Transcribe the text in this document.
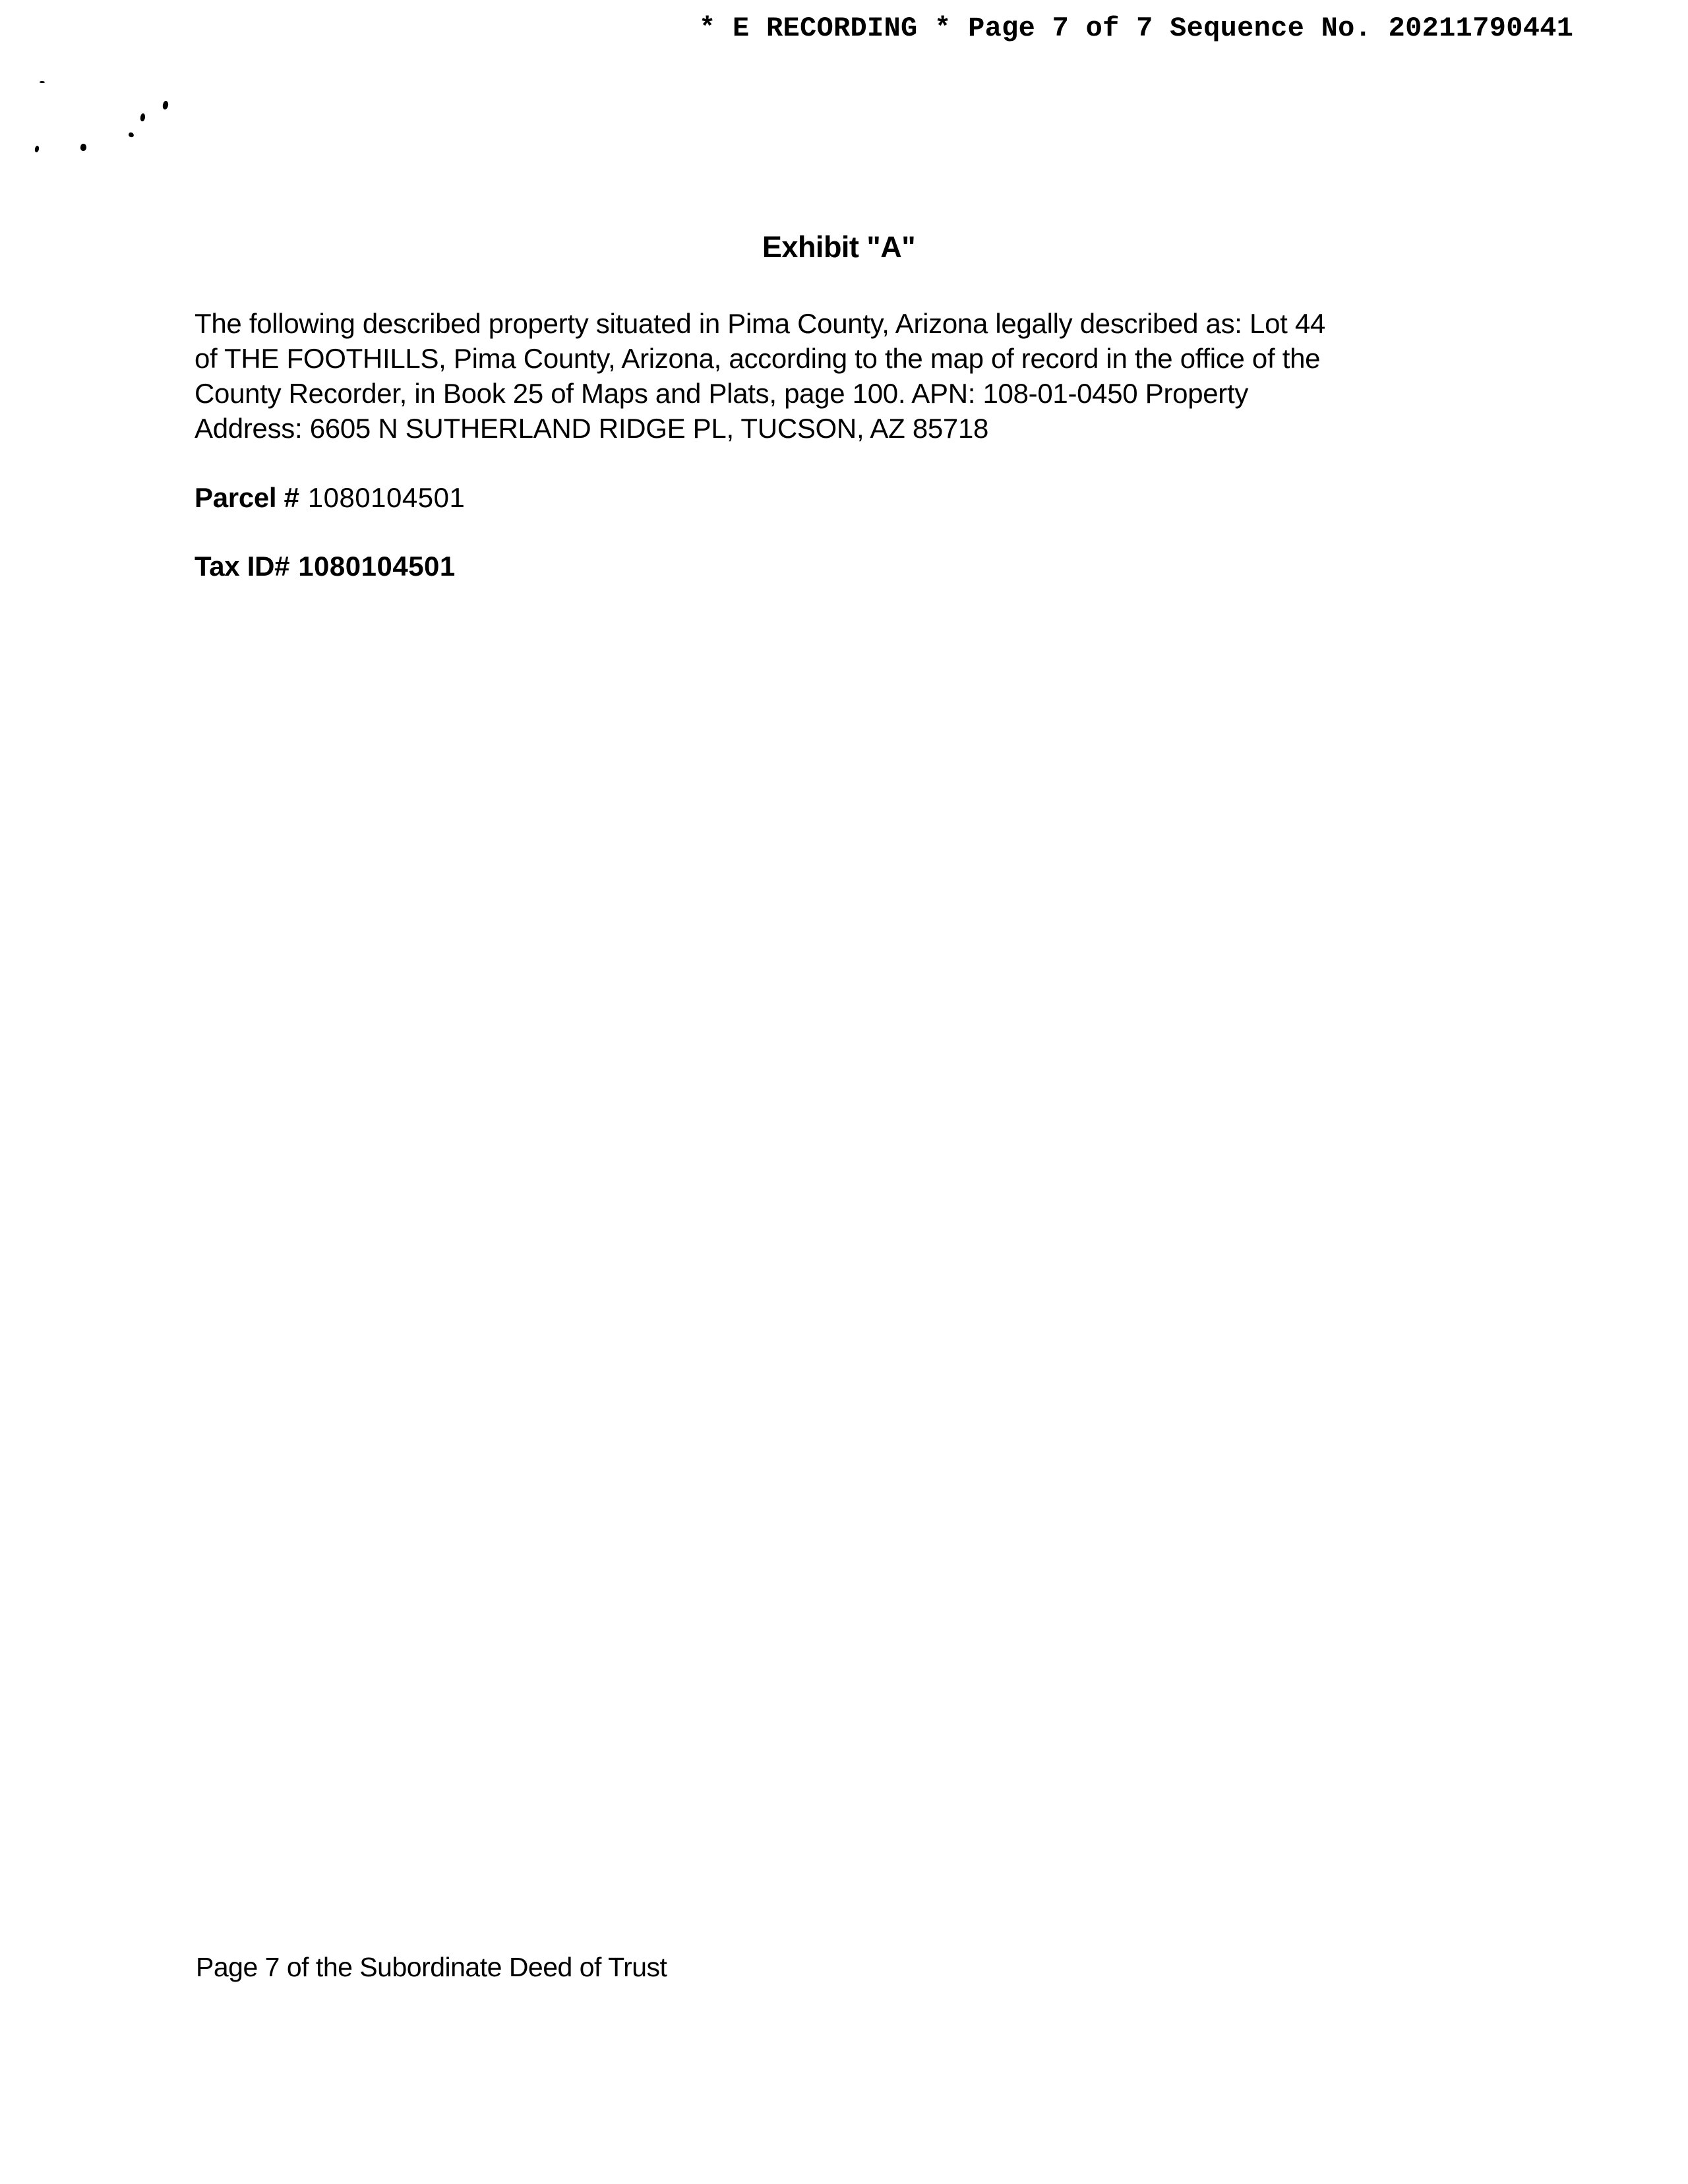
* E RECORDING * Page 7 of 7 Sequence No. 20211790441
Exhibit "A"
The following described property situated in Pima County, Arizona legally described as: Lot 44
of THE FOOTHILLS, Pima County, Arizona, according to the map of record in the office of the
County Recorder, in Book 25 of Maps and Plats, page 100. APN: 108-01-0450 Property
Address: 6605 N SUTHERLAND RIDGE PL, TUCSON, AZ 85718
Parcel # 1080104501
Tax ID# 1080104501
Page 7 of the Subordinate Deed of Trust
